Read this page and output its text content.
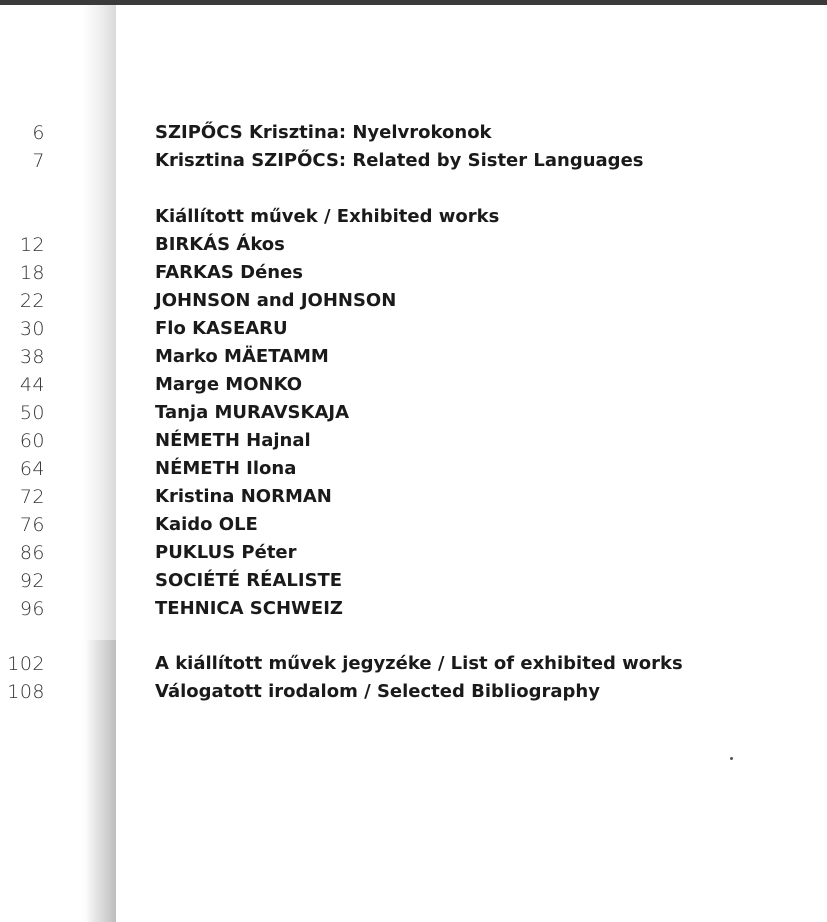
6	SZIPŐCS Krisztina: Nyelvrokonok
7	Krisztina SZIPŐCS: Related by Sister Languages
Kiállított művek / Exhibited works
12	BIRKÁS Ákos
18	FARKAS Dénes
22	JOHNSON and JOHNSON
30	Flo KASEARU
38	Marko MÄETAMM
44	Marge MONKO
50	Tanja MURAVSKAJA
60	NÉMETH Hajnal
64	NÉMETH Ilona
72	Kristina NORMAN
76	Kaido OLE
86	PUKLUS Péter
92	SOCIÉTÉ RÉALISTE
96	TEHNICA SCHWEIZ
102	A kiállított művek jegyzéke / List of exhibited works
108	Válogatott irodalom / Selected Bibliography
